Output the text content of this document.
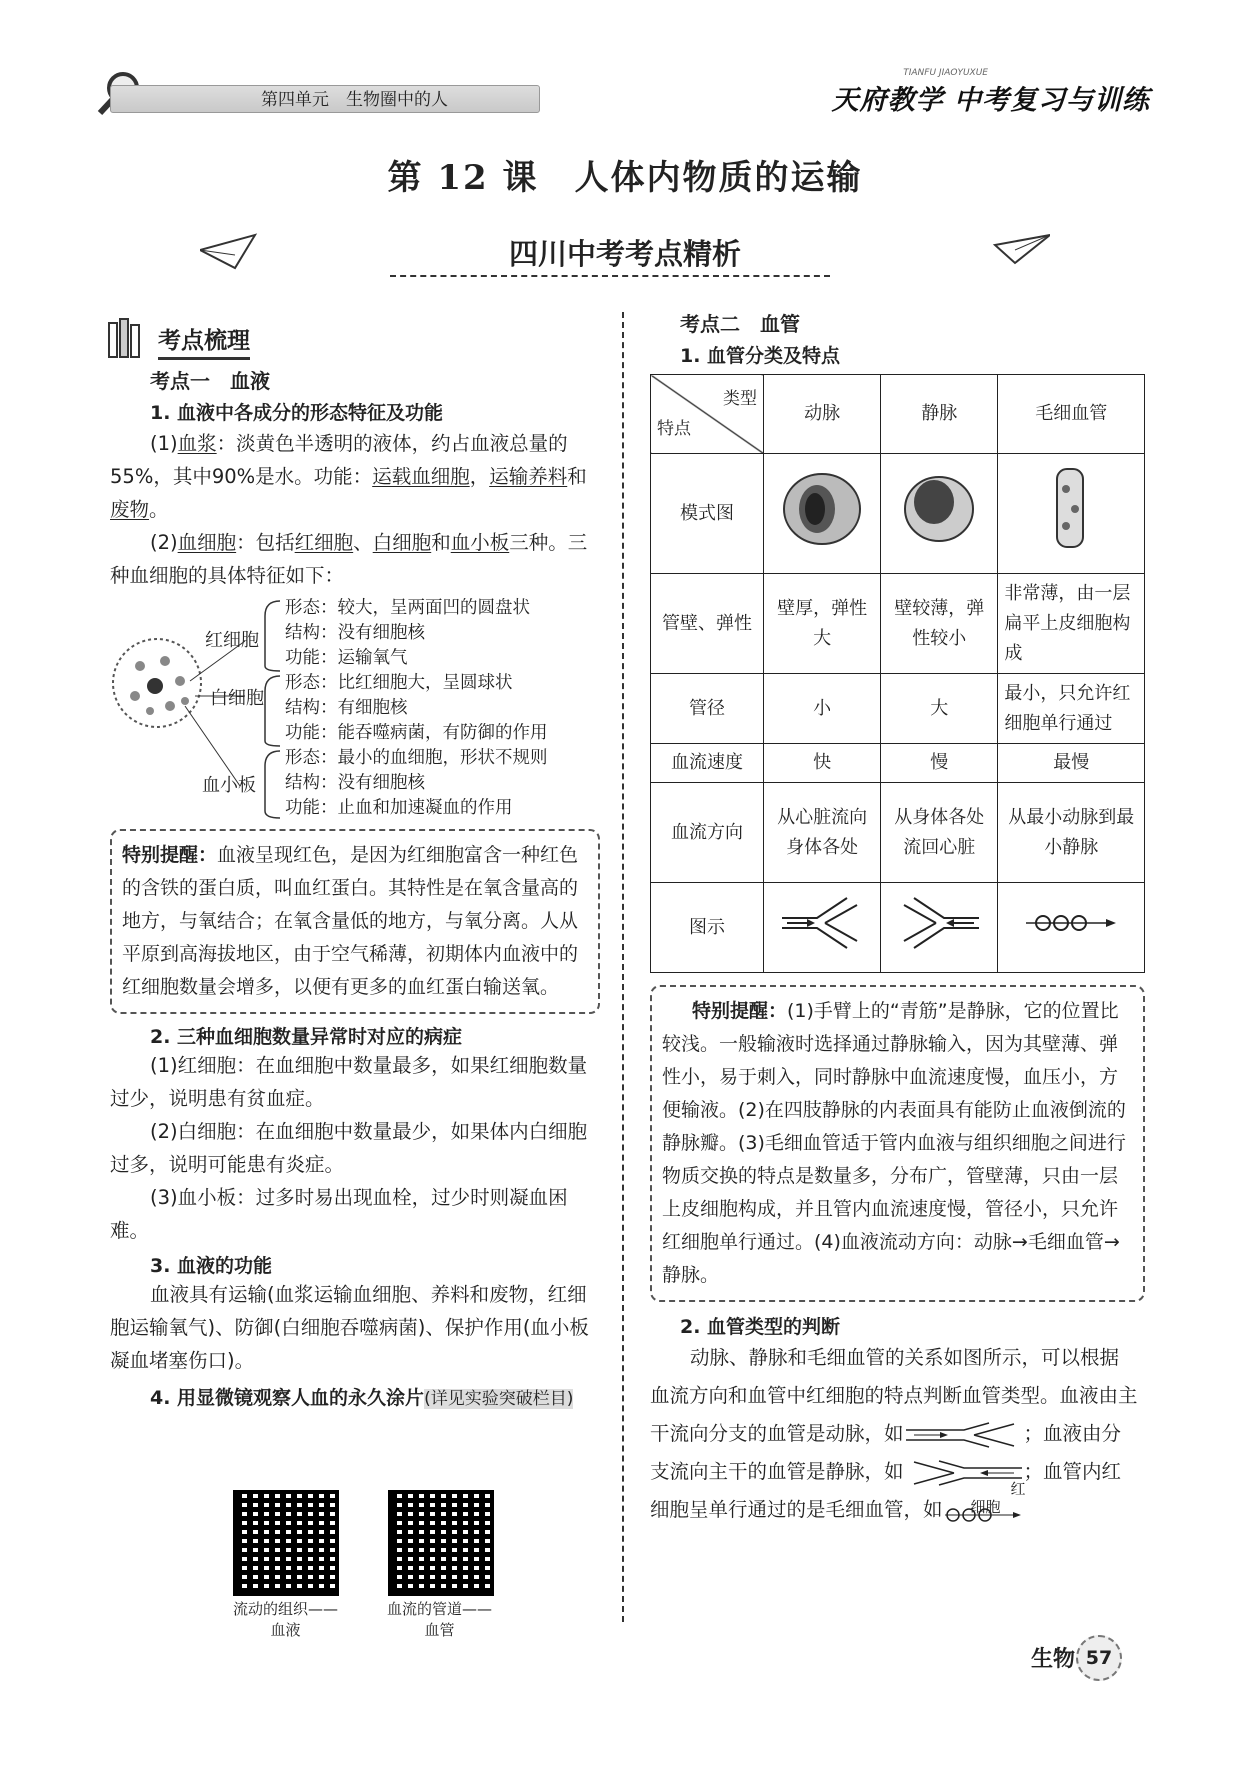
第四单元　生物圈中的人
TIANFU JIAOYUXUE
天府教学 中考复习与训练
第 12 课　人体内物质的运输
四川中考考点精析
考点梳理
考点一　血液
1. 血液中各成分的形态特征及功能

(1)血浆：淡黄色半透明的液体，约占血液总量的55%，其中90%是水。功能：运载血细胞，运输养料和废物。

(2)血细胞：包括红细胞、白细胞和血小板三种。三种血细胞的具体特征如下：

红细胞
白细胞
血小板
形态：较大，呈两面凹的圆盘状
结构：没有细胞核
功能：运输氧气
形态：比红细胞大，呈圆球状
结构：有细胞核
功能：能吞噬病菌，有防御的作用
形态：最小的血细胞，形状不规则
结构：没有细胞核
功能：止血和加速凝血的作用
特别提醒：血液呈现红色，是因为红细胞富含一种红色的含铁的蛋白质，叫血红蛋白。其特性是在氧含量高的地方，与氧结合；在氧含量低的地方，与氧分离。人从平原到高海拔地区，由于空气稀薄，初期体内血液中的红细胞数量会增多，以便有更多的血红蛋白输送氧。
2. 三种血细胞数量异常时对应的病症

(1)红细胞：在血细胞中数量最多，如果红细胞数量过少，说明患有贫血症。

(2)白细胞：在血细胞中数量最少，如果体内白细胞过多，说明可能患有炎症。

(3)血小板：过多时易出现血栓，过少时则凝血困难。

3. 血液的功能

血液具有运输(血浆运输血细胞、养料和废物，红细胞运输氧气)、防御(白细胞吞噬病菌)、保护作用(血小板凝血堵塞伤口)。

4. 用显微镜观察人血的永久涂片(详见实验突破栏目)
流动的组织——血液
血流的管道——血管
考点二　血管
1. 血管分类及特点
类型
特点	动脉	静脉	毛细血管
模式图			
管壁、弹性	壁厚，弹性大	壁较薄，弹性较小	非常薄，由一层扁平上皮细胞构成
管径	小	大	最小，只允许红细胞单行通过
血流速度	快	慢	最慢
血流方向	从心脏流向身体各处	从身体各处流回心脏	从最小动脉到最小静脉
图示			
特别提醒：(1)手臂上的“青筋”是静脉，它的位置比较浅。一般输液时选择通过静脉输入，因为其壁薄、弹性小，易于刺入，同时静脉中血流速度慢，血压小，方便输液。(2)在四肢静脉的内表面具有能防止血液倒流的静脉瓣。(3)毛细血管适于管内血液与组织细胞之间进行物质交换的特点是数量多，分布广，管壁薄，只由一层上皮细胞构成，并且管内血流速度慢，管径小，只允许红细胞单行通过。(4)血液流动方向：动脉→毛细血管→静脉。
2. 血管类型的判断

动脉、静脉和毛细血管的关系如图所示，可以根据血流方向和血管中红细胞的特点判断血管类型。血液由主干流向分支的血管是动脉，如	；血液由分支流向主干的血管是静脉，如	；血管内红细胞呈单行通过的是毛细血管，如
红细胞

生物 57
